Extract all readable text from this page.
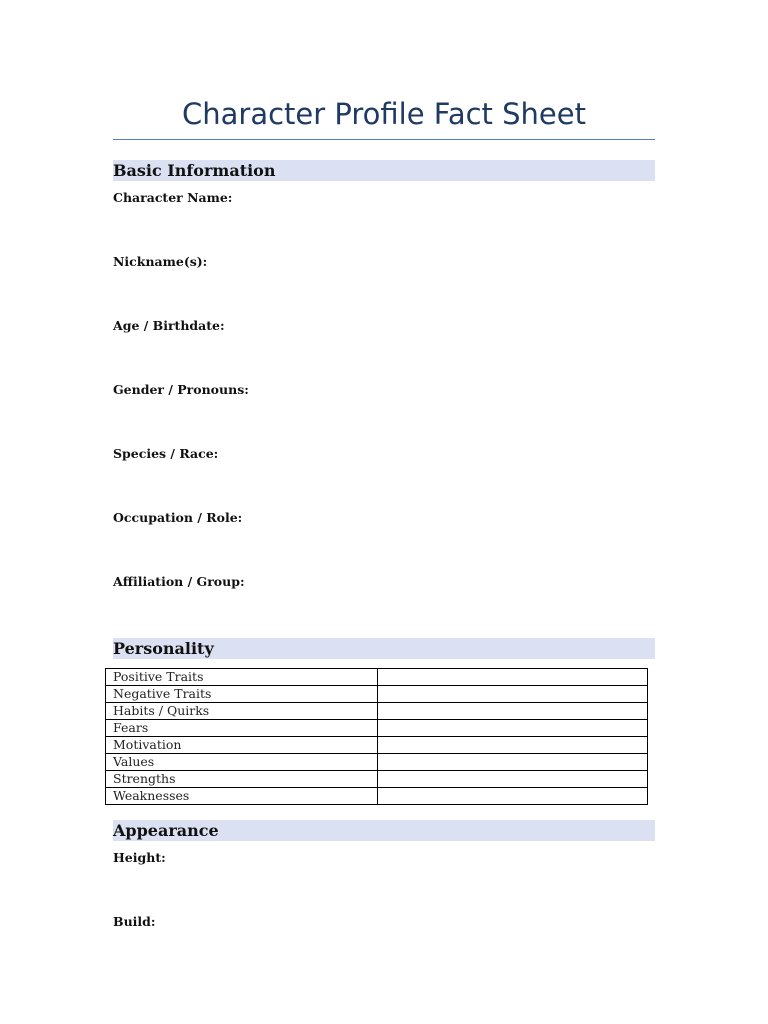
Character Profile Fact Sheet
Basic Information
Character Name:
Nickname(s):
Age / Birthdate:
Gender / Pronouns:
Species / Race:
Occupation / Role:
Affiliation / Group:
Personality
Positive Traits	
Negative Traits	
Habits / Quirks	
Fears	
Motivation	
Values	
Strengths	
Weaknesses	
Appearance
Height:
Build:
